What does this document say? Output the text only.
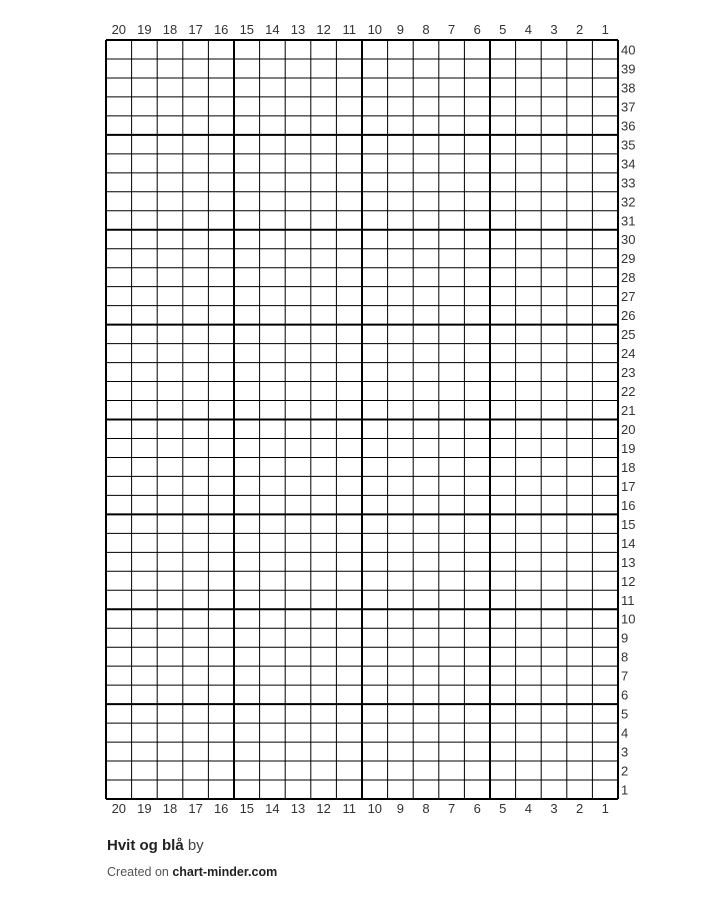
20 19 18 17 16 15 14 13 12 11 10 9 8 7 6 5 4 3 2 1
20 19 18 17 16 15 14 13 12 11 10 9 8 7 6 5 4 3 2 1
40
39
38
37
36
35
34
33
32
31
30
29
28
27
26
25
24
23
22
21
20
19
18
17
16
15
14
13
12
11
10
9
8
7
6
5
4
3
2
1
Hvit og blå by
Created on chart-minder.com
